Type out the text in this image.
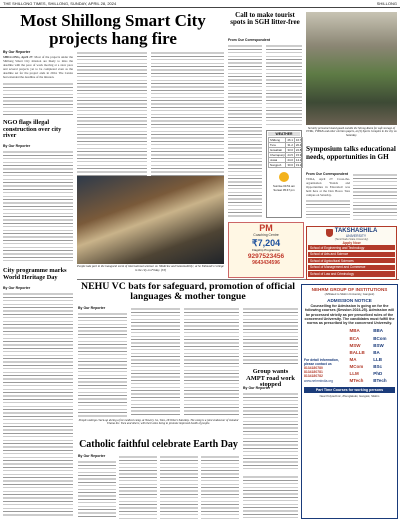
THE SHILLONG TIMES, SHILLONG, SUNDAY, APRIL 28, 2024	SHILLONG
Most Shillong Smart City projects hang fire
By Our Reporter

SHILLONG, April 27: Most of the projects under the Shillong Smart City mission are likely to miss the deadline with the pace of work moving at a slow pace and several projects yet to be completed even as the deadline set for the project ends in 2024. The Centre had extended the deadline of the mission.

NGO flags illegal construction over city river
By Our Reporter
People take part in the inaugural event of international seminar on 'Medicine and Sustainability', at St. Edmund's College in the city on Friday. (ST)
Call to make tourist spots in SGH litter-free
From Our Correspondent
WEATHER
Shillong	26.1	16.7
Tura	31.2	20.4
Guwahati	33.0	22.8
Cherrapunji	24.5	15.9
Jowai	24.0	14.1
Nongpoh	30.6	19.2
Sunrise 04:51 am
Sunset 05:47 pm
Security personnel stand guard outside the Strong Room for safe storage of EVMs, VVPATs and other election papers, at (S) Sports Complex in the city on Saturday.
Symposium talks educational needs, opportunities in GH
From Our Correspondent

TURA, April 27: Cross-the-organization 'Trends and Opportunities in Education' was held here at the Don Bosco Tura campus on Saturday.

NEHU VC bats for safeguard, promotion of official languages & mother tongue
By Our Reporter
Group wants AMPT road work stopped
By Our Reporter
City programme marks World Heritage Day
By Our Reporter
People undergo check-up during a free medical camp, at Nowrey Ca, Tura, 28 Others Saturday. The camp is a joint endeavour of Jamatul Ulama Inc. Tura and others, with their aims being to promote improved health of people.
Catholic faithful celebrate Earth Day
By Our Reporter
PM
Coaching Centre
₹7,204
Flagship Programme
9297523456
9643434596
TAKSHASHILA
UNIVERSITY
(Tamil Nadu State University)
Apply Now
School of Engineering and Technology
School of Arts and Science
School of Agricultural Sciences
School of Management and Commerce
School of Law and Criminology
NEHRM GROUP OF INSTITUTIONS
(Affiliated to Sikkim University, Gangtok)
ADMISSION NOTICE
Counselling for Admission is going on for the following courses (Session 2024-25). Admission will be processed strictly as per prescribed rules of the concerned University. The candidates must fulfill the norms as prescribed by the concerned University.
For detail information, please contact us
8134180780
8134180781
8134180782
www.nehrmindia.org
MBA	BBA
BCA	BCom
MSW	BSW
BALLB	BA
MA	LLB
MCom	BSc
LLM	PhD
MTech	BTech
Part Time Courses for working persons
Near Polytechnic, Zhunglakuki, Gangtok, Sikkim
